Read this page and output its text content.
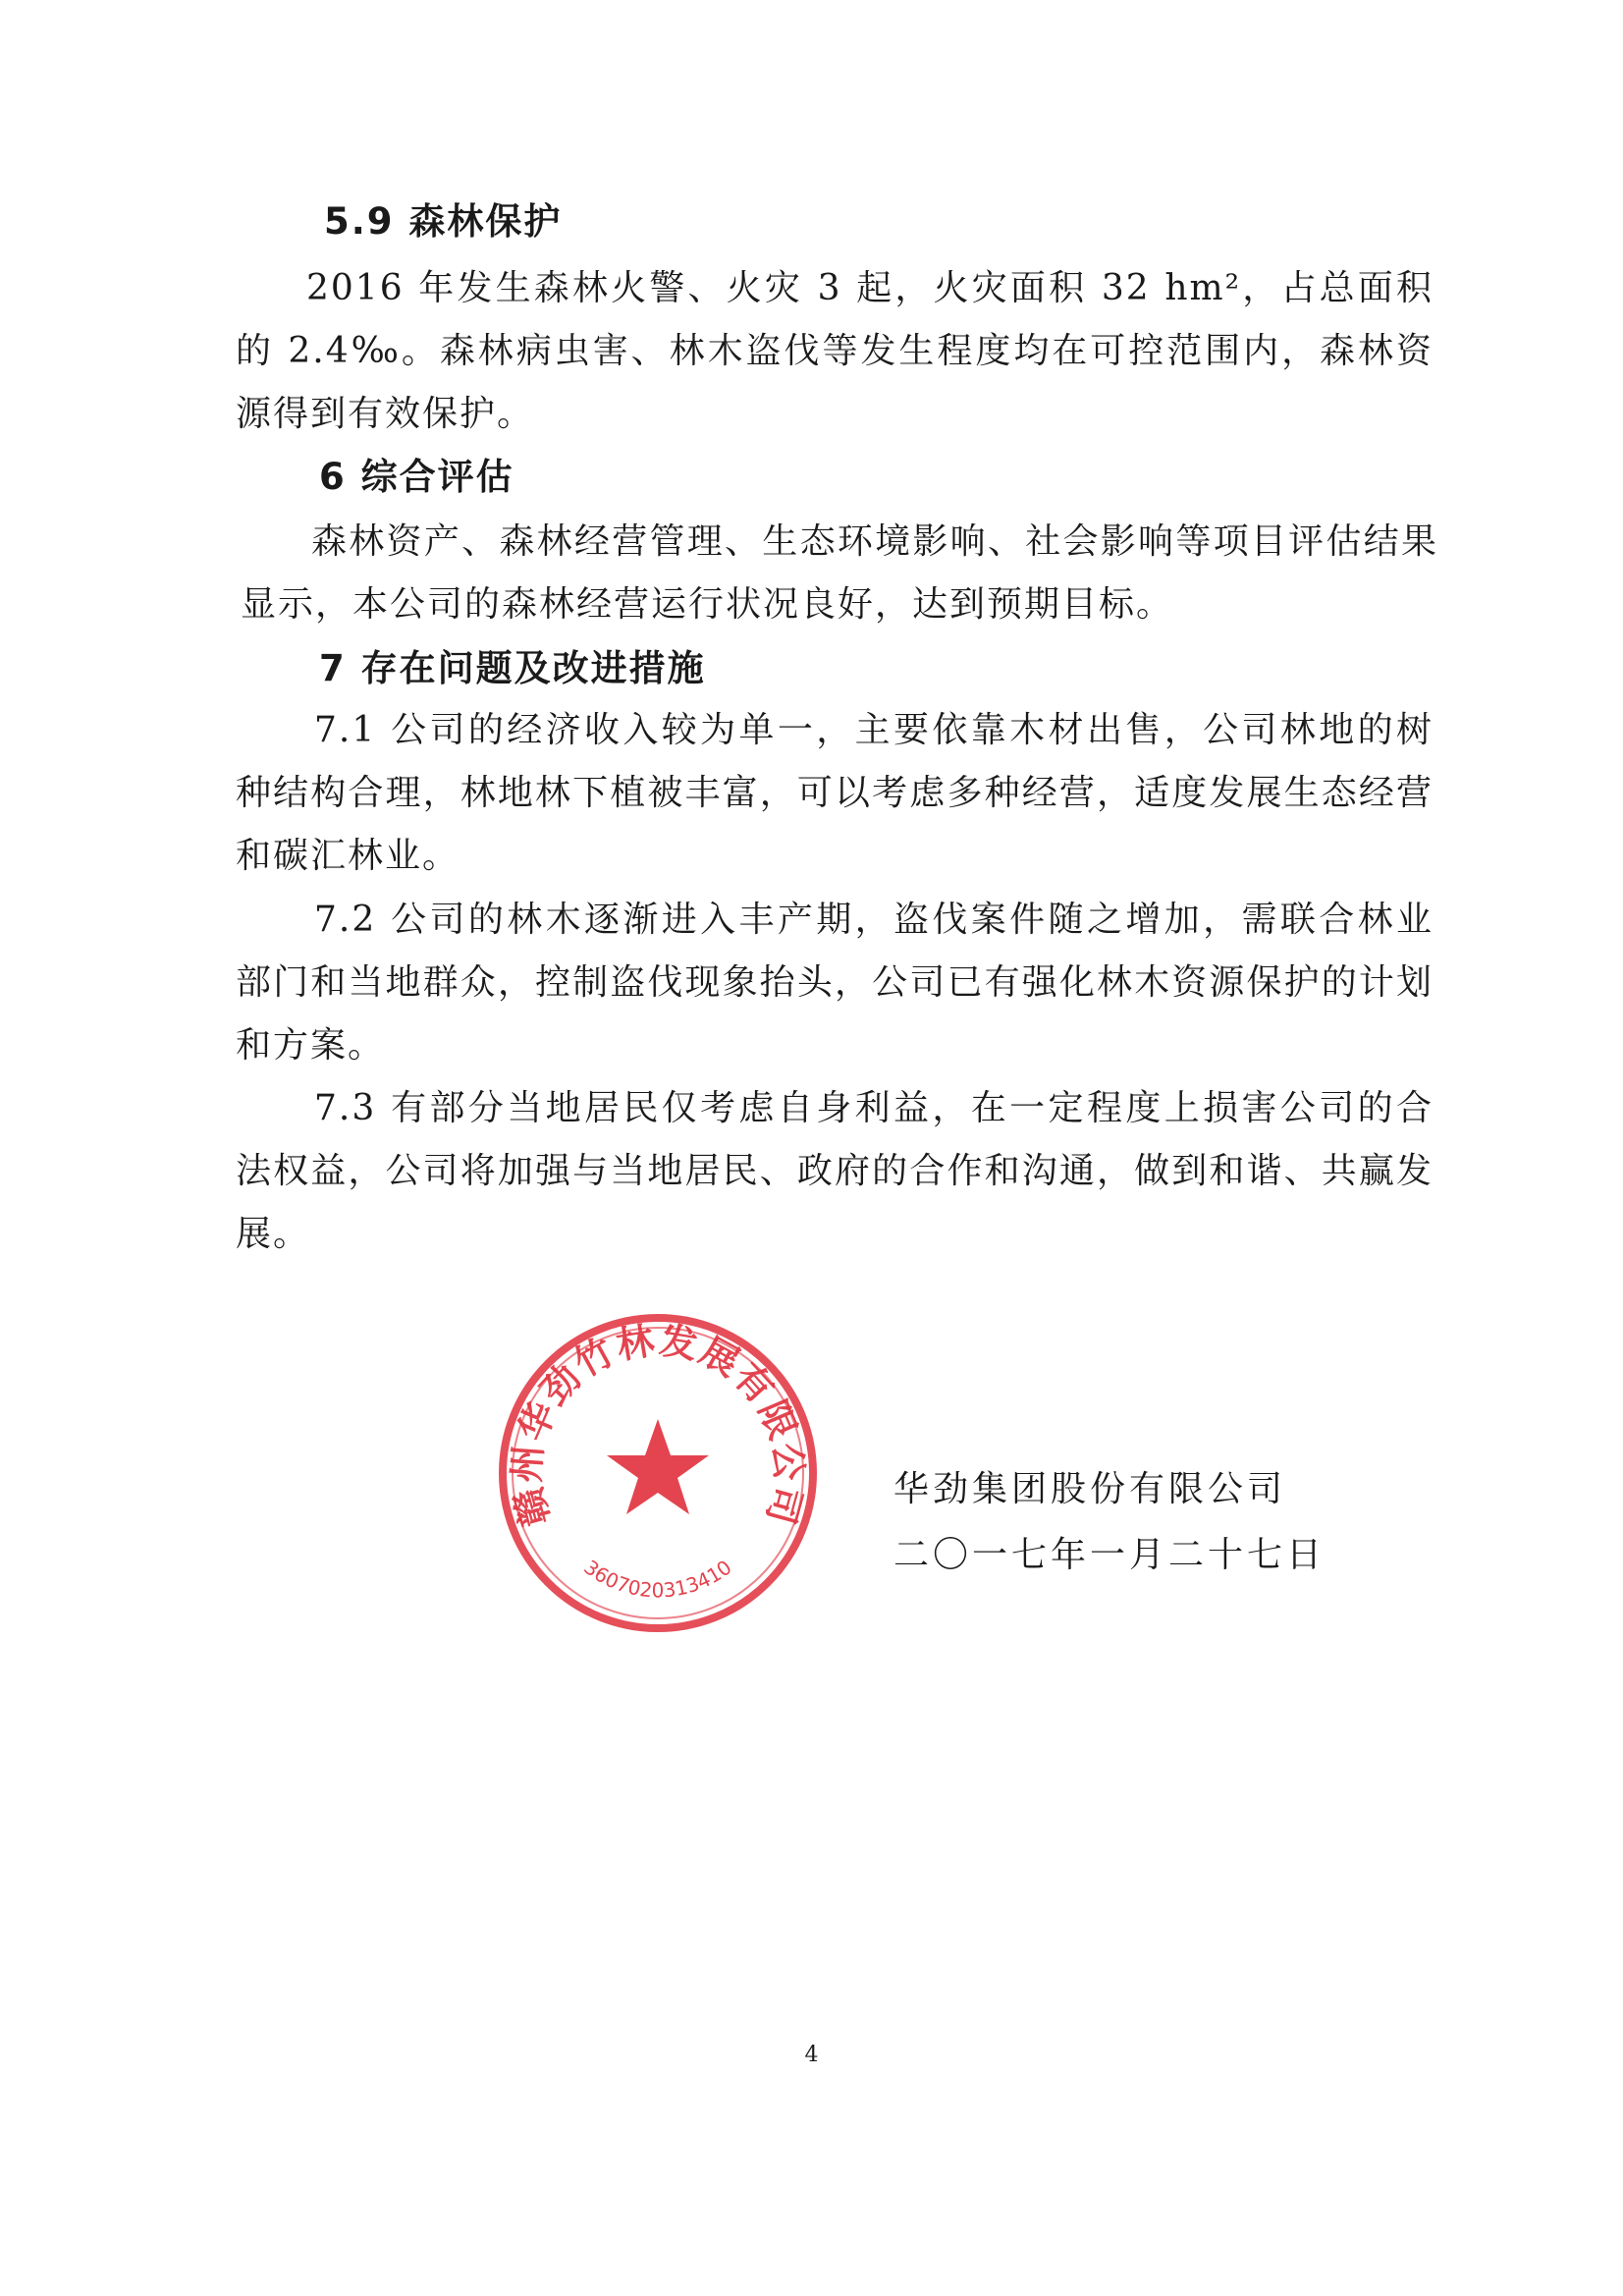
5.9 森林保护

2016 年发生森林火警、火灾 3 起，火灾面积 32 hm²，占总面积的 2.4‰。森林病虫害、林木盗伐等发生程度均在可控范围内，森林资源得到有效保护。

6 综合评估

森林资产、森林经营管理、生态环境影响、社会影响等项目评估结果显示，本公司的森林经营运行状况良好，达到预期目标。

7 存在问题及改进措施

7.1 公司的经济收入较为单一，主要依靠木材出售，公司林地的树种结构合理，林地林下植被丰富，可以考虑多种经营，适度发展生态经营和碳汇林业。

7.2 公司的林木逐渐进入丰产期，盗伐案件随之增加，需联合林业部门和当地群众，控制盗伐现象抬头，公司已有强化林木资源保护的计划和方案。

7.3 有部分当地居民仅考虑自身利益，在一定程度上损害公司的合法权益，公司将加强与当地居民、政府的合作和沟通，做到和谐、共赢发展。

赣州华劲竹林发展有限公司
3607020313410
华劲集团股份有限公司
二〇一七年一月二十七日
4
